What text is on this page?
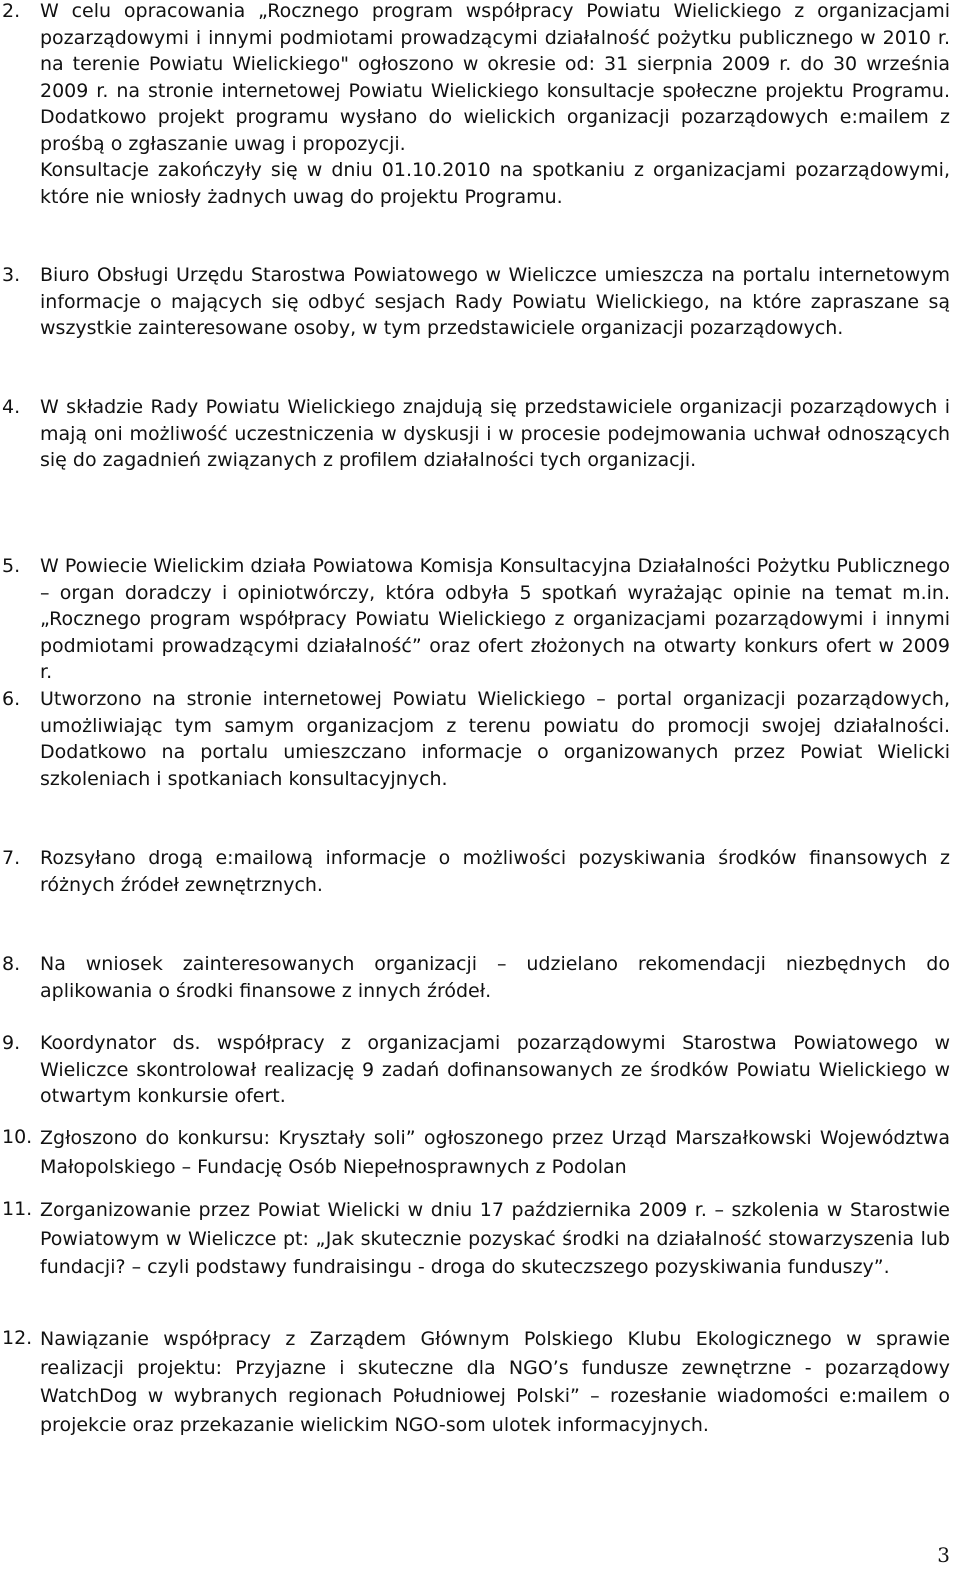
2. W celu opracowania „Rocznego program współpracy Powiatu Wielickiego z organizacjami pozarządowymi i innymi podmiotami prowadzącymi działalność pożytku publicznego w 2010 r. na terenie Powiatu Wielickiego" ogłoszono w okresie od: 31 sierpnia 2009 r. do 30 września 2009 r. na stronie internetowej Powiatu Wielickiego konsultacje społeczne projektu Programu. Dodatkowo projekt programu wysłano do wielickich organizacji pozarządowych e:mailem z prośbą o zgłaszanie uwag i propozycji.

Konsultacje zakończyły się w dniu 01.10.2010 na spotkaniu z organizacjami pozarządowymi, które nie wniosły żadnych uwag do projektu Programu.

3. Biuro Obsługi Urzędu Starostwa Powiatowego w Wieliczce umieszcza na portalu internetowym informacje o mających się odbyć sesjach Rady Powiatu Wielickiego, na które zapraszane są wszystkie zainteresowane osoby, w tym przedstawiciele organizacji pozarządowych.

4. W składzie Rady Powiatu Wielickiego znajdują się przedstawiciele organizacji pozarządowych i mają oni możliwość uczestniczenia w dyskusji i w procesie podejmowania uchwał odnoszących się do zagadnień związanych z profilem działalności tych organizacji.

5. W Powiecie Wielickim działa Powiatowa Komisja Konsultacyjna Działalności Pożytku Publicznego – organ doradczy i opiniotwórczy, która odbyła 5 spotkań wyrażając opinie na temat m.in. „Rocznego program współpracy Powiatu Wielickiego z organizacjami pozarządowymi i innymi podmiotami prowadzącymi działalność” oraz ofert złożonych na otwarty konkurs ofert w 2009 r.

6. Utworzono na stronie internetowej Powiatu Wielickiego – portal organizacji pozarządowych, umożliwiając tym samym organizacjom z terenu powiatu do promocji swojej działalności. Dodatkowo na portalu umieszczano informacje o organizowanych przez Powiat Wielicki szkoleniach i spotkaniach konsultacyjnych.

7. Rozsyłano drogą e:mailową informacje o możliwości pozyskiwania środków finansowych z różnych źródeł zewnętrznych.

8. Na wniosek zainteresowanych organizacji – udzielano rekomendacji niezbędnych do aplikowania o środki finansowe z innych źródeł.

9. Koordynator ds. współpracy z organizacjami pozarządowymi Starostwa Powiatowego w Wieliczce skontrolował realizację 9 zadań dofinansowanych ze środków Powiatu Wielickiego w otwartym konkursie ofert.

10. Zgłoszono do konkursu: Kryształy soli” ogłoszonego przez Urząd Marszałkowski Województwa Małopolskiego – Fundację Osób Niepełnosprawnych z Podolan

11. Zorganizowanie przez Powiat Wielicki w dniu 17 października 2009 r. – szkolenia w Starostwie Powiatowym w Wieliczce pt: „Jak skutecznie pozyskać środki na działalność stowarzyszenia lub fundacji? – czyli podstawy fundraisingu - droga do skuteczszego pozyskiwania funduszy”.

12. Nawiązanie współpracy z Zarządem Głównym Polskiego Klubu Ekologicznego w sprawie realizacji projektu: Przyjazne i skuteczne dla NGO’s fundusze zewnętrzne - pozarządowy WatchDog w wybranych regionach Południowej Polski” – rozesłanie wiadomości e:mailem o projekcie oraz przekazanie wielickim NGO-som ulotek informacyjnych.

3
